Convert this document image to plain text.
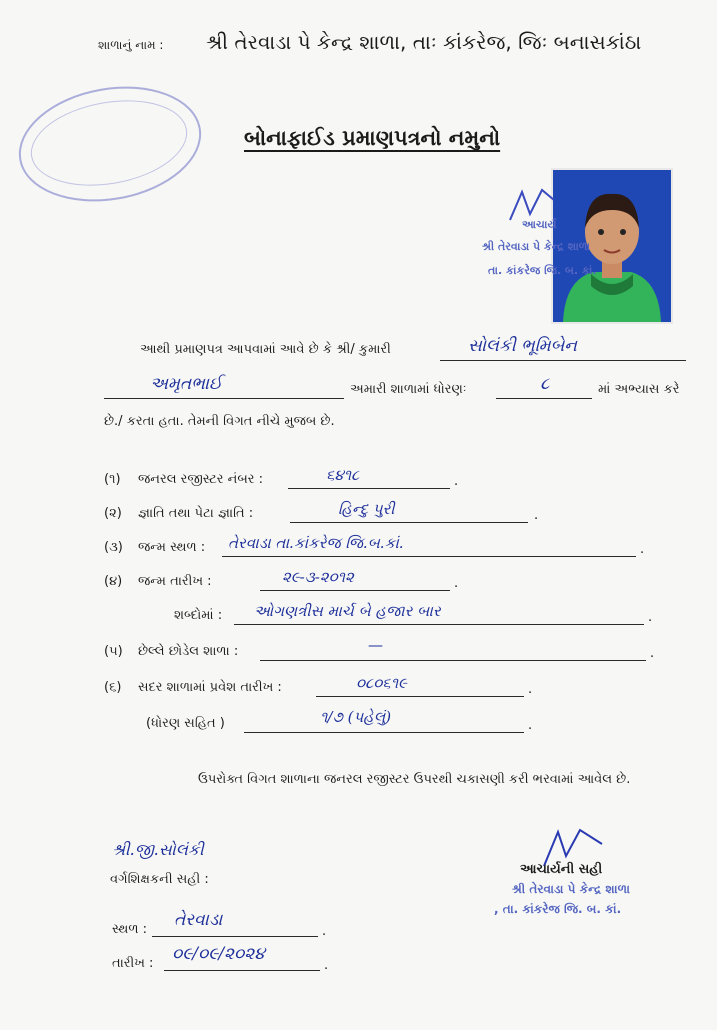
શાળાનું નામ : શ્રી તેરવાડા પે કેન્દ્ર શાળા, તાઃ કાંકરેજ, જિઃ બનાસકાંઠા
બોનાફાઈડ પ્રમાણપત્રનો નમુનો
આચાર્ય
શ્રી તેરવાડા પે કેન્દ્ર શાળા
તા. કાંકરેજ જિ. બ. કાં.
આથી પ્રમાણપત્ર આપવામાં આવે છે કે શ્રી/ કુમારી	સોલંકી ભૂમિબેન
અમૃતભાઈ	અમારી શાળામાં ધોરણઃ	૮	માં અભ્યાસ કરે
છે./ કરતા હતા. તેમની વિગત નીચે મુજબ છે.
(૧) જનરલ રજીસ્ટર નંબર :	૬૪૧૮	.
(૨) જ્ઞાતિ તથા પેટા જ્ઞાતિ :	હિન્દુ પુરી	.
(૩) જન્મ સ્થળ : તેરવાડા તા.કાંકરેજ જિ.બ.કાં.	.
(૪) જન્મ તારીખ :	૨૯-૩-૨૦૧૨	.
શબ્દોમાં : ઓગણત્રીસ માર્ચ બે હજાર બાર	.
(૫) છેલ્લે છોડેલ શાળા :	—	.
(૬) સદર શાળામાં પ્રવેશ તારીખ :	૦૮૦૬૧૯	.
(ધોરણ સહિત )	૧/૭ (પહેલું)	.
ઉપરોક્ત વિગત શાળાના જનરલ રજીસ્ટર ઉપરથી ચકાસણી કરી ભરવામાં આવેલ છે.
શ્રી.જી.સોલંકી
વર્ગશિક્ષકની સહી :
આચાર્યની સહી
શ્રી તેરવાડા પે કેન્દ્ર શાળા
, તા. કાંકરેજ જિ. બ. કાં.
સ્થળ : તેરવાડા
.
તારીખ : ૦૯/૦૯/૨૦૨૪
.
